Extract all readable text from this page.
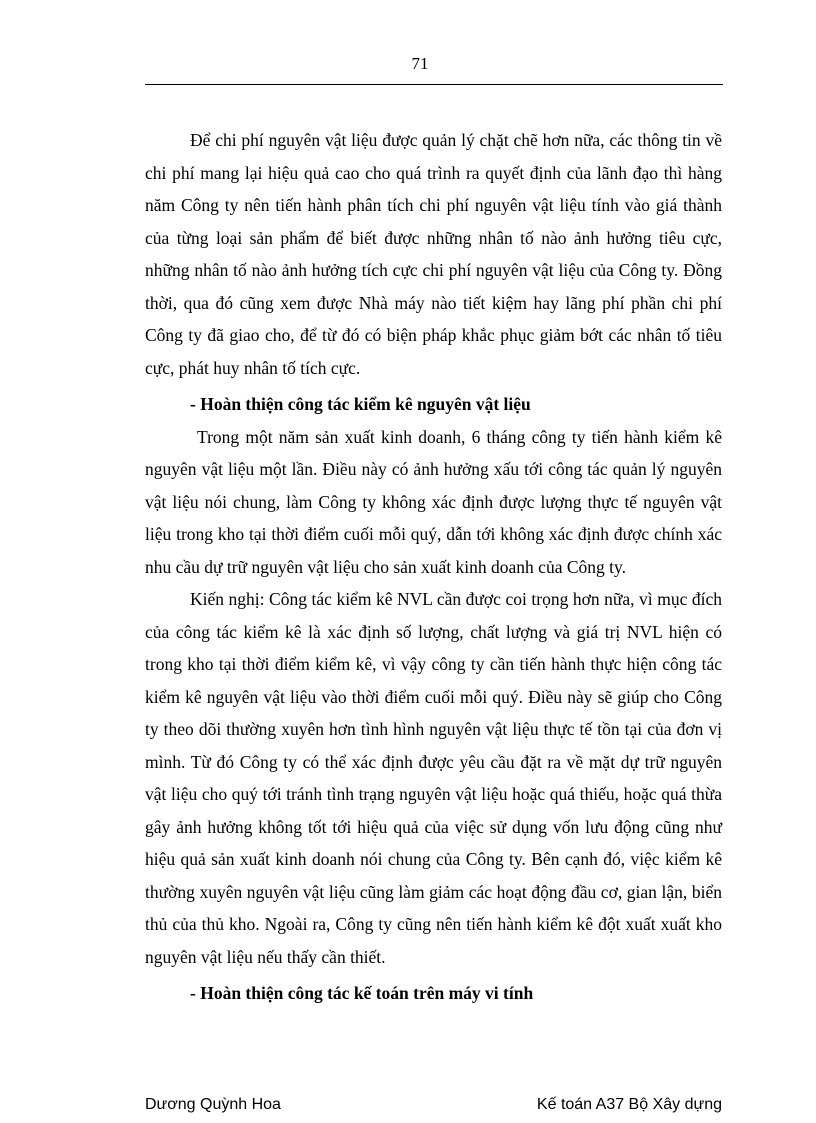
71

Để chi phí nguyên vật liệu được quản lý chặt chẽ hơn nữa, các thông tin về chi phí mang lại hiệu quả cao cho quá trình ra quyết định của lãnh đạo thì hàng năm Công ty nên tiến hành phân tích chi phí nguyên vật liệu tính vào giá thành của từng loại sản phẩm để biết được những nhân tố nào ảnh hưởng tiêu cực, những nhân tố nào ảnh hưởng tích cực chi phí nguyên vật liệu của Công ty. Đồng thời, qua đó cũng xem được Nhà máy nào tiết kiệm hay lãng phí phần chi phí Công ty đã giao cho, để từ đó có biện pháp khắc phục giảm bớt các nhân tố tiêu cực, phát huy nhân tố tích cực.

- Hoàn thiện công tác kiểm kê nguyên vật liệu

Trong một năm sản xuất kinh doanh, 6 tháng công ty tiến hành kiểm kê nguyên vật liệu một lần. Điều này có ảnh hưởng xấu tới công tác quản lý nguyên vật liệu nói chung, làm Công ty không xác định được lượng thực tế nguyên vật liệu trong kho tại thời điểm cuối mỗi quý, dẫn tới không xác định được chính xác nhu cầu dự trữ nguyên vật liệu cho sản xuất kinh doanh của Công ty.

Kiến nghị: Công tác kiểm kê NVL cần được coi trọng hơn nữa, vì mục đích của công tác kiểm kê là xác định số lượng, chất lượng và giá trị NVL hiện có trong kho tại thời điểm kiểm kê, vì vậy công ty cần tiến hành thực hiện công tác kiểm kê nguyên vật liệu vào thời điểm cuối mỗi quý. Điều này sẽ giúp cho Công ty theo dõi thường xuyên hơn tình hình nguyên vật liệu thực tế tồn tại của đơn vị mình. Từ đó Công ty có thể xác định được yêu cầu đặt ra về mặt dự trữ nguyên vật liệu cho quý tới tránh tình trạng nguyên vật liệu hoặc quá thiếu, hoặc quá thừa gây ảnh hưởng không tốt tới hiệu quả của việc sử dụng vốn lưu động cũng như hiệu quả sản xuất kinh doanh nói chung của Công ty. Bên cạnh đó, việc kiểm kê thường xuyên nguyên vật liệu cũng làm giảm các hoạt động đầu cơ, gian lận, biển thủ của thủ kho. Ngoài ra, Công ty cũng nên tiến hành kiểm kê đột xuất xuất kho nguyên vật liệu nếu thấy cần thiết.

- Hoàn thiện công tác kế toán trên máy vi tính

Dương Quỳnh Hoa	Kế toán A37 Bộ Xây dựng
